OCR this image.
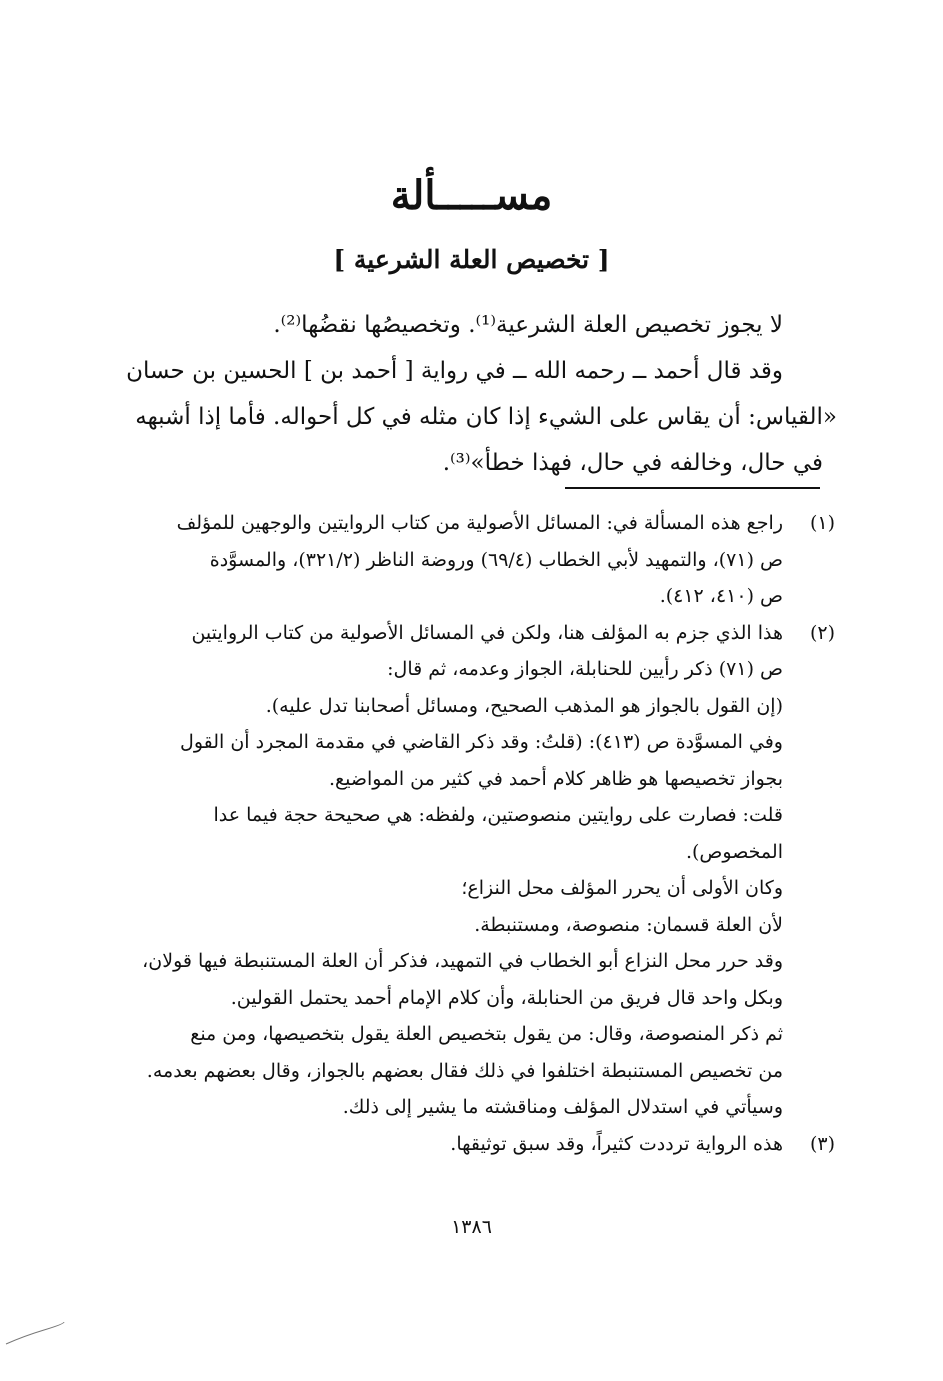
مســـــألة
[ تخصيص العلة الشرعية ]
لا يجوز تخصيص العلة الشرعية⁽¹⁾. وتخصيصُها نقضُها⁽²⁾.
وقد قال أحمد ــ رحمه الله ــ في رواية [ أحمد بن ] الحسين بن حسان
«القياس: أن يقاس على الشيء إذا كان مثله في كل أحواله. فأما إذا أشبهه
في حال، وخالفه في حال، فهذا خطأ»⁽³⁾.
(١)
راجع هذه المسألة في: المسائل الأصولية من كتاب الروايتين والوجهين للمؤلف
ص (٧١)، والتمهيد لأبي الخطاب (٦٩/٤) وروضة الناظر (٣٢١/٢)، والمسوَّدة
ص (٤١٠، ٤١٢).
(٢)
هذا الذي جزم به المؤلف هنا، ولكن في المسائل الأصولية من كتاب الروايتين
ص (٧١) ذكر رأيين للحنابلة، الجواز وعدمه، ثم قال:
(إن القول بالجواز هو المذهب الصحيح، ومسائل أصحابنا تدل عليه).
وفي المسوَّدة ص (٤١٣): (قلتُ: وقد ذكر القاضي في مقدمة المجرد أن القول
بجواز تخصيصها هو ظاهر كلام أحمد في كثير من المواضيع.
قلت: فصارت على روايتين منصوصتين، ولفظه: هي صحيحة حجة فيما عدا
المخصوص).
وكان الأولى أن يحرر المؤلف محل النزاع؛
لأن العلة قسمان: منصوصة، ومستنبطة.
وقد حرر محل النزاع أبو الخطاب في التمهيد، فذكر أن العلة المستنبطة فيها قولان،
وبكل واحد قال فريق من الحنابلة، وأن كلام الإمام أحمد يحتمل القولين.
ثم ذكر المنصوصة، وقال: من يقول بتخصيص العلة يقول بتخصيصها، ومن منع
من تخصيص المستنبطة اختلفوا في ذلك فقال بعضهم بالجواز، وقال بعضهم بعدمه.
وسيأتي في استدلال المؤلف ومناقشته ما يشير إلى ذلك.
(٣)
هذه الرواية ترددت كثيراً، وقد سبق توثيقها.
١٣٨٦
